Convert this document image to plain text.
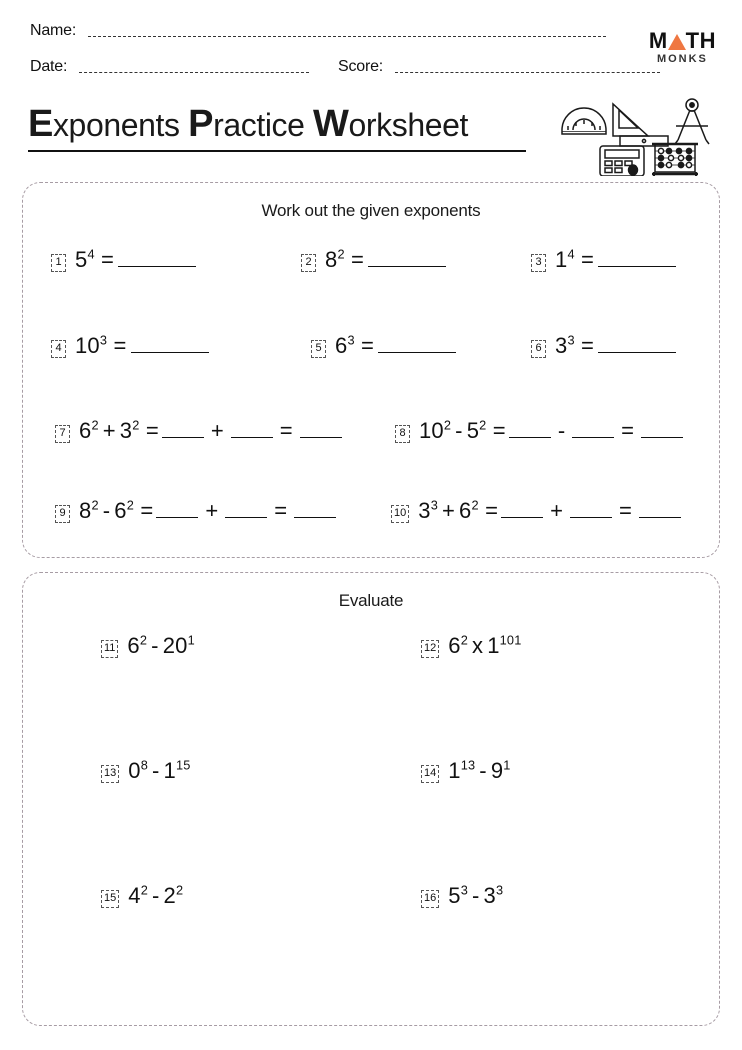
Name:
Date:	Score:
M TH
MONKS
Exponents Practice Worksheet
Work out the given exponents
1 $5^4$ =	2 $8^2$ =	3 $1^4$ =
4 $10^3$ =	5 $6^3$ =	6 $3^3$ =
7 $6^2 + 3^2$ = +	=	8 $10^2 - 5^2$ = -	=
9 $8^2 - 6^2$ = +	=	10 $3^3 + 6^2$ = +	=
Evaluate
11 $6^2 - 20^1$
12 $6^2$ x $1^{101}$
13 $0^8 - 1^{15}$
14 $1^{13} - 9^1$
15 $4^2 - 2^2$
16 $5^3 - 3^3$
